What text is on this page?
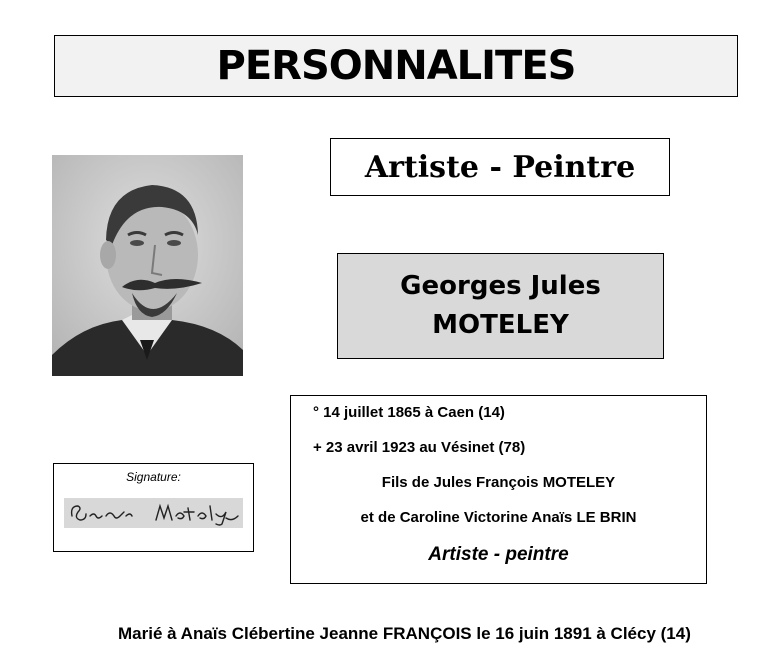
PERSONNALITES
Artiste - Peintre
Georges Jules
MOTELEY
Signature:
° 14 juillet 1865 à Caen (14)
+ 23 avril 1923 au Vésinet (78)
Fils de Jules François MOTELEY
et de Caroline Victorine Anaïs LE BRIN
Artiste - peintre
Marié à Anaïs Clébertine Jeanne FRANÇOIS le 16 juin 1891 à Clécy (14)
